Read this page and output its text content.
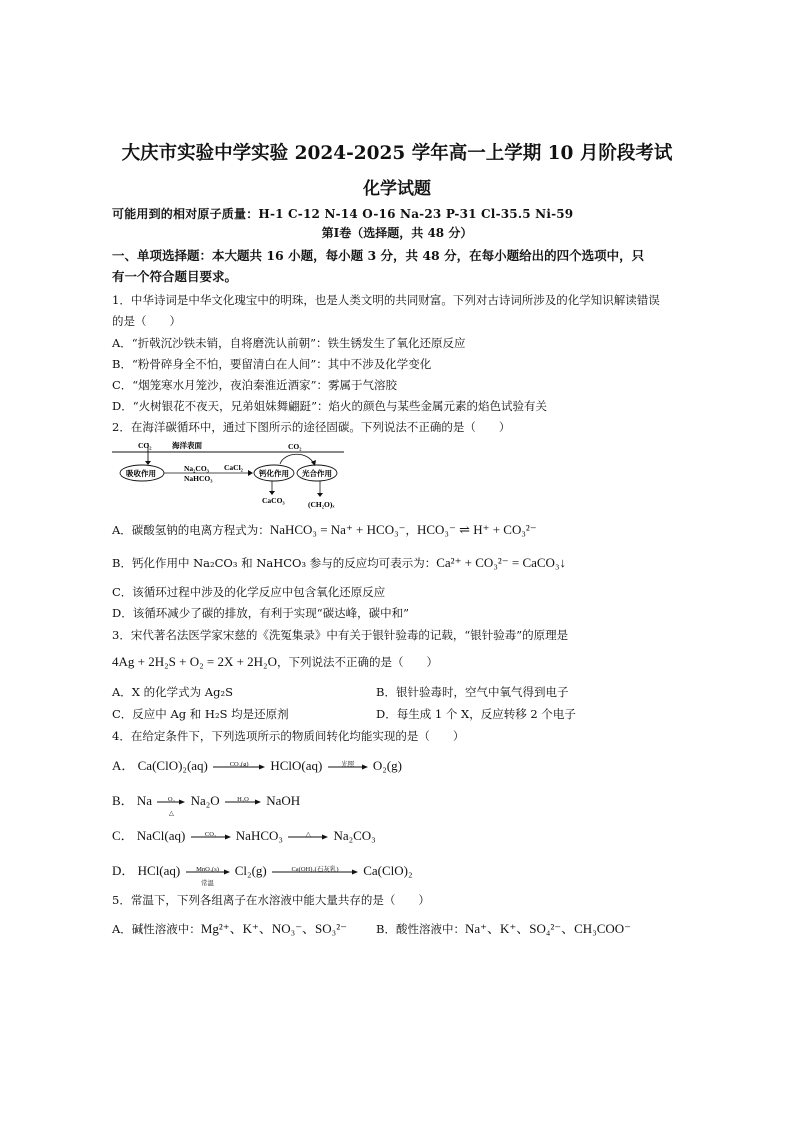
大庆市实验中学实验 2024-2025 学年高一上学期 10 月阶段考试
化学试题
可能用到的相对原子质量：H-1 C-12 N-14 O-16 Na-23 P-31 Cl-35.5 Ni-59
第Ⅰ卷（选择题，共 48 分）
一、单项选择题：本大题共 16 小题，每小题 3 分，共 48 分，在每小题给出的四个选项中，只
有一个符合题目要求。
1．中华诗词是中华文化瑰宝中的明珠，也是人类文明的共同财富。下列对古诗词所涉及的化学知识解读错误
的是（　　）
A．“折戟沉沙铁未销，自将磨洗认前朝”：铁生锈发生了氧化还原反应
B．“粉骨碎身全不怕，要留清白在人间”：其中不涉及化学变化
C．“烟笼寒水月笼沙，夜泊秦淮近酒家”：雾属于气溶胶
D．“火树银花不夜天，兄弟姐妹舞翩跹”：焰火的颜色与某些金属元素的焰色试验有关
2．在海洋碳循环中，通过下图所示的途径固碳。下列说法不正确的是（　　）
CO₂	海洋表面
吸收作用
Na₂CO₃
NaHCO₃
CaCl₂
钙化作用 光合作用
CO₂
CaCO₃	(CH₂O)ₓ
A．碳酸氢钠的电离方程式为：NaHCO₃ = Na⁺ + HCO₃⁻，HCO₃⁻ ⇌ H⁺ + CO₃²⁻
B．钙化作用中 Na₂CO₃ 和 NaHCO₃ 参与的反应均可表示为：Ca²⁺ + CO₃²⁻ = CaCO₃↓
C．该循环过程中涉及的化学反应中包含氧化还原反应
D．该循环减少了碳的排放，有利于实现“碳达峰，碳中和”
3．宋代著名法医学家宋慈的《洗冤集录》中有关于银针验毒的记载，“银针验毒”的原理是
4Ag + 2H₂S + O₂ = 2X + 2H₂O，下列说法不正确的是（　　）
A．X 的化学式为 Ag₂S	B．银针验毒时，空气中氧气得到电子
C．反应中 Ag 和 H₂S 均是还原剂	D．每生成 1 个 X，反应转移 2 个电子
4．在给定条件下，下列选项所示的物质间转化均能实现的是（　　）
A． Ca(ClO)₂(aq)	CO₂(g)	HClO(aq)	光照	O₂(g)
B． Na	O₂
△
Na₂O	H₂O	NaOH
C． NaCl(aq)	CO₂	NaHCO₃	△	Na₂CO₃
D． HCl(aq)	MnO₂(s)
常温
Cl₂(g)	Ca(OH)₂(石灰乳)	Ca(ClO)₂
5．常温下，下列各组离子在水溶液中能大量共存的是（　　）
A．碱性溶液中：Mg²⁺、K⁺、NO₃⁻、SO₃²⁻	B．酸性溶液中：Na⁺、K⁺、SO₄²⁻、CH₃COO⁻
